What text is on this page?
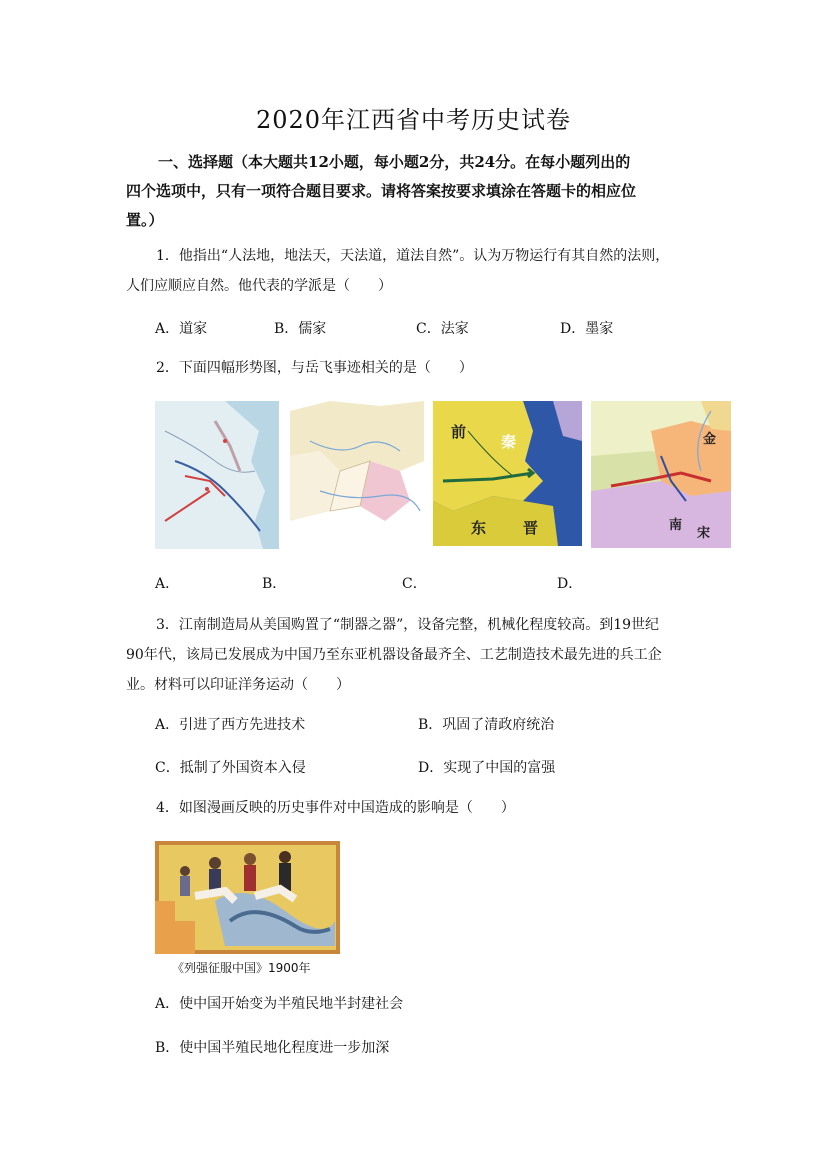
2020年江西省中考历史试卷
一、选择题（本大题共12小题，每小题2分，共24分。在每小题列出的
四个选项中，只有一项符合题目要求。请将答案按要求填涂在答题卡的相应位
置。）
1．他指出“人法地，地法天，天法道，道法自然”。认为万物运行有其自然的法则，
人们应顺应自然。他代表的学派是（　　）
A．道家	B．儒家	C．法家	D．墨家
2．下面四幅形势图，与岳飞事迹相关的是（　　）
前
秦
东 晋
金
南
宋
A．	B．	C．	D．
3．江南制造局从美国购置了“制器之器”，设备完整，机械化程度较高。到19世纪
90年代，该局已发展成为中国乃至东亚机器设备最齐全、工艺制造技术最先进的兵工企
业。材料可以印证洋务运动（　　）
A．引进了西方先进技术	B．巩固了清政府统治
C．抵制了外国资本入侵	D．实现了中国的富强
4．如图漫画反映的历史事件对中国造成的影响是（　　）
《列强征服中国》1900年
A．使中国开始变为半殖民地半封建社会
B．使中国半殖民地化程度进一步加深
